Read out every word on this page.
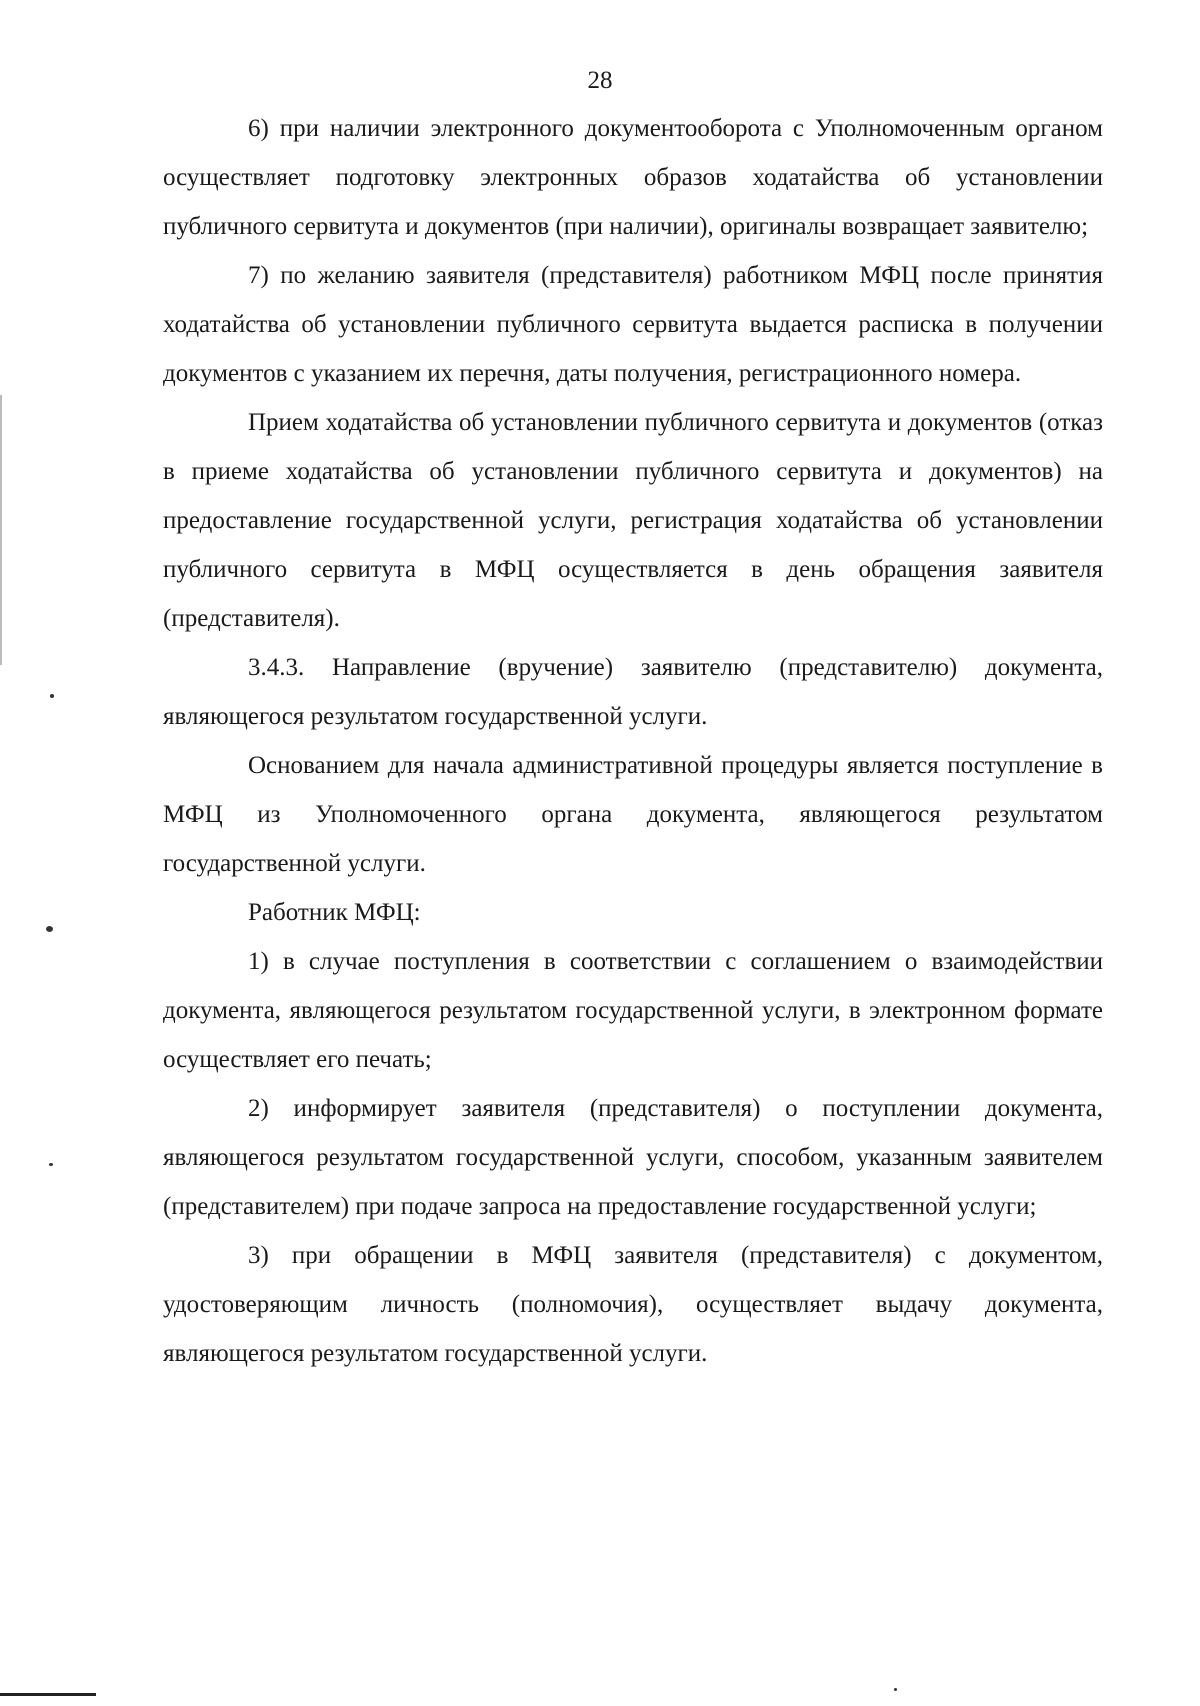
28

6) при наличии электронного документооборота с Уполномоченным органом осуществляет подготовку электронных образов ходатайства об установлении публичного сервитута и документов (при наличии), оригиналы возвращает заявителю;

7) по желанию заявителя (представителя) работником МФЦ после принятия ходатайства об установлении публичного сервитута выдается расписка в получении документов с указанием их перечня, даты получения, регистрационного номера.

Прием ходатайства об установлении публичного сервитута и документов (отказ в приеме ходатайства об установлении публичного сервитута и документов) на предоставление государственной услуги, регистрация ходатайства об установлении публичного сервитута в МФЦ осуществляется в день обращения заявителя (представителя).

3.4.3. Направление (вручение) заявителю (представителю) документа, являющегося результатом государственной услуги.

Основанием для начала административной процедуры является поступление в МФЦ из Уполномоченного органа документа, являющегося результатом государственной услуги.

Работник МФЦ:

1) в случае поступления в соответствии с соглашением о взаимодействии документа, являющегося результатом государственной услуги, в электронном формате осуществляет его печать;

2) информирует заявителя (представителя) о поступлении документа, являющегося результатом государственной услуги, способом, указанным заявителем (представителем) при подаче запроса на предоставление государственной услуги;

3) при обращении в МФЦ заявителя (представителя) с документом, удостоверяющим личность (полномочия), осуществляет выдачу документа, являющегося результатом государственной услуги.
